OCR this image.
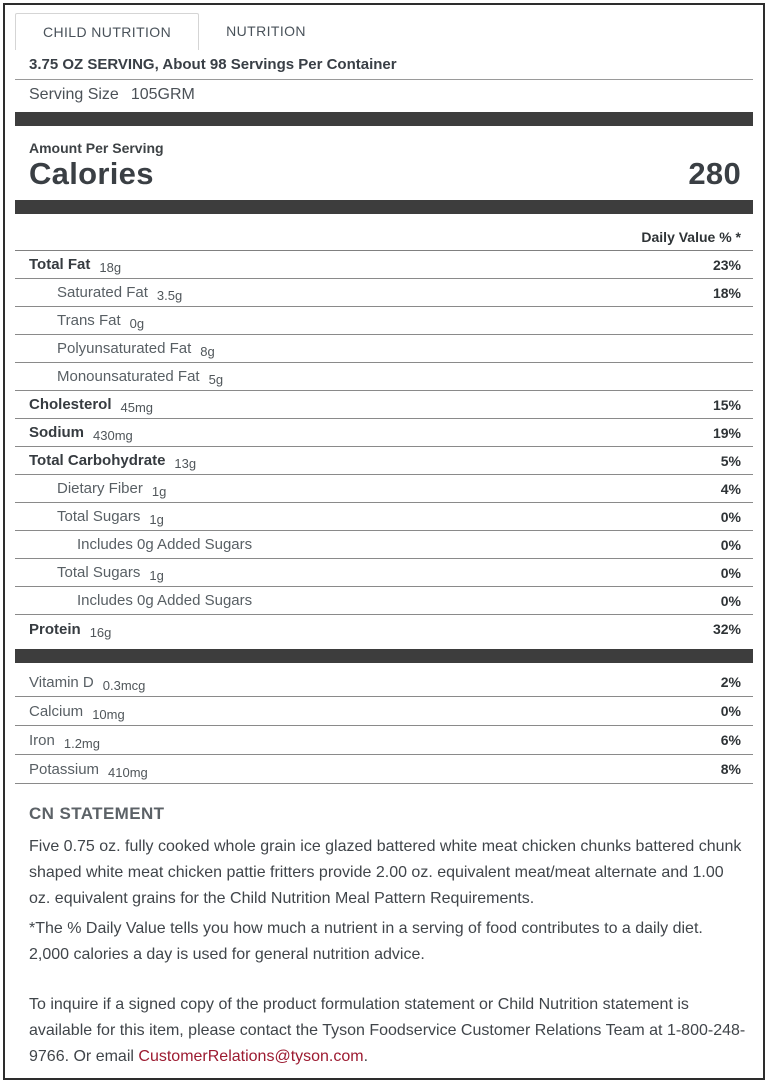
CHILD NUTRITION	NUTRITION
3.75 OZ SERVING, About 98 Servings Per Container
Serving Size 105GRM
Amount Per Serving
Calories	280
Daily Value % *
Total Fat 18g	23%
Saturated Fat 3.5g	18%
Trans Fat 0g
Polyunsaturated Fat 8g
Monounsaturated Fat 5g
Cholesterol 45mg	15%
Sodium 430mg	19%
Total Carbohydrate 13g	5%
Dietary Fiber 1g	4%
Total Sugars 1g	0%
Includes 0g Added Sugars	0%
Total Sugars 1g	0%
Includes 0g Added Sugars	0%
Protein 16g	32%
Vitamin D 0.3mcg	2%
Calcium 10mg	0%
Iron 1.2mg	6%
Potassium 410mg	8%
CN STATEMENT

Five 0.75 oz. fully cooked whole grain ice glazed battered white meat chicken chunks battered chunk shaped white meat chicken pattie fritters provide 2.00 oz. equivalent meat/meat alternate and 1.00 oz. equivalent grains for the Child Nutrition Meal Pattern Requirements.

*The % Daily Value tells you how much a nutrient in a serving of food contributes to a daily diet. 2,000 calories a day is used for general nutrition advice.

To inquire if a signed copy of the product formulation statement or Child Nutrition statement is available for this item, please contact the Tyson Foodservice Customer Relations Team at 1-800-248-9766. Or email CustomerRelations@tyson.com.
